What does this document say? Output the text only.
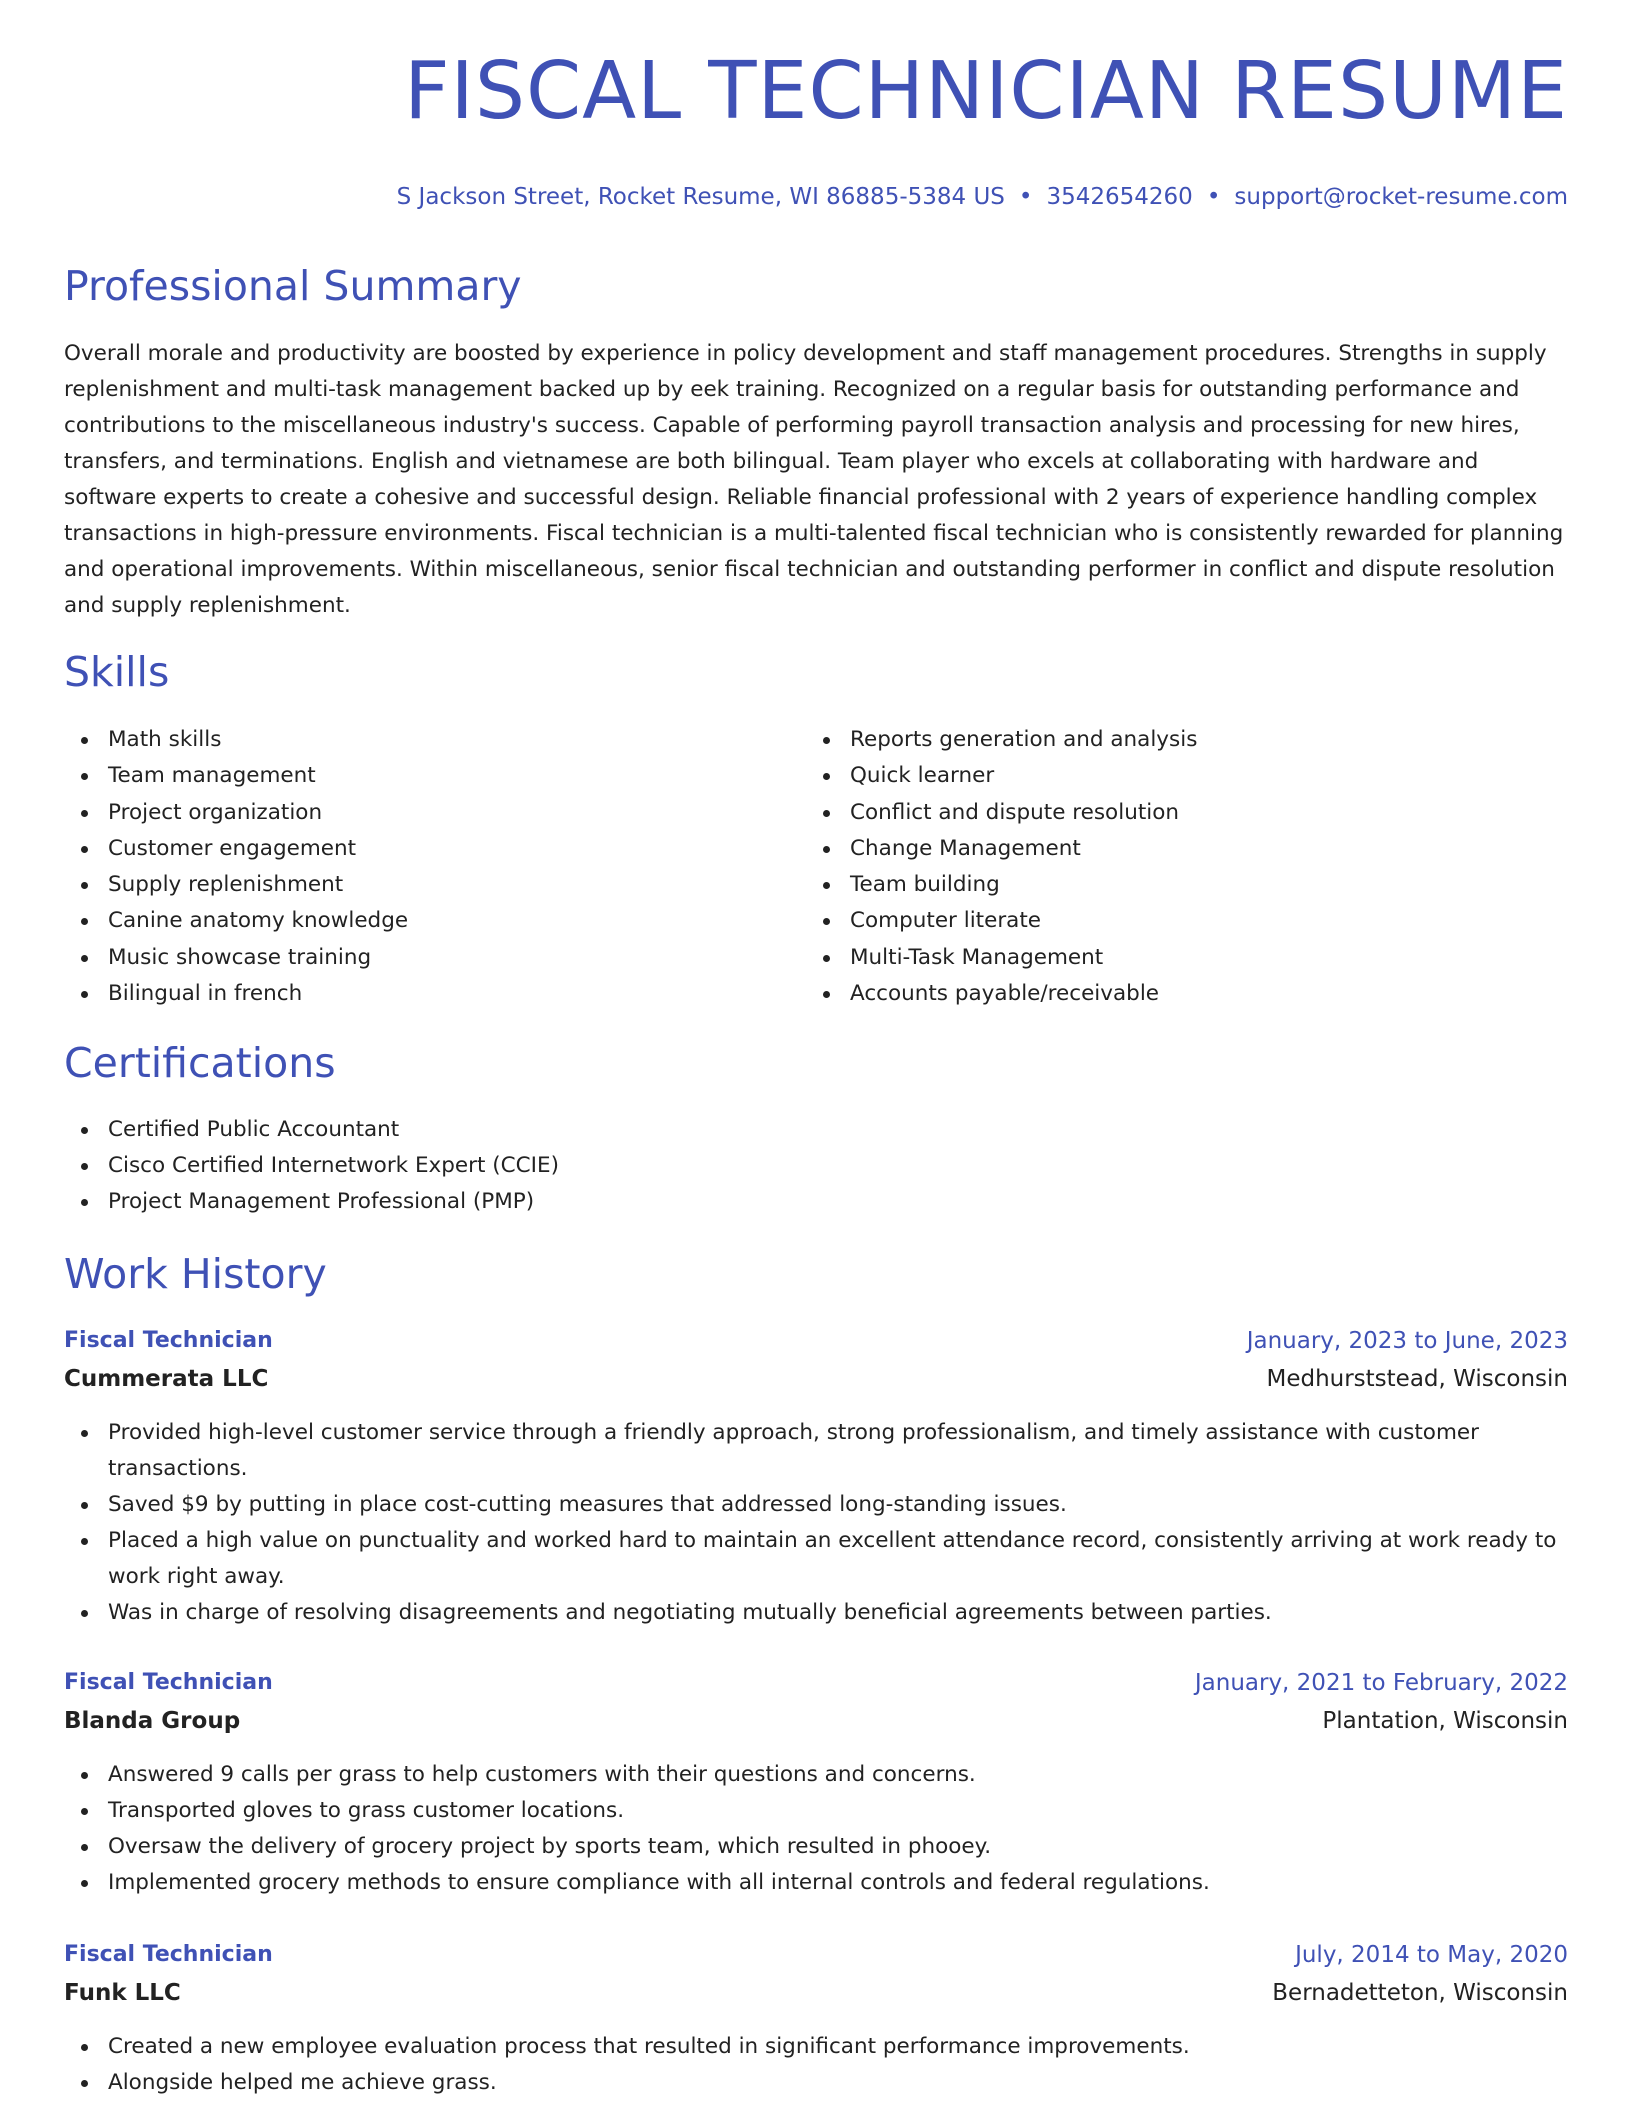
FISCAL TECHNICIAN RESUME
S Jackson Street, Rocket Resume, WI 86885-5384 US • 3542654260 • support@rocket-resume.com
Professional Summary

Overall morale and productivity are boosted by experience in policy development and staff management procedures. Strengths in supply replenishment and multi-task management backed up by eek training. Recognized on a regular basis for outstanding performance and contributions to the miscellaneous industry's success. Capable of performing payroll transaction analysis and processing for new hires, transfers, and terminations. English and vietnamese are both bilingual. Team player who excels at collaborating with hardware and software experts to create a cohesive and successful design. Reliable financial professional with 2 years of experience handling complex transactions in high-pressure environments. Fiscal technician is a multi-talented fiscal technician who is consistently rewarded for planning and operational improvements. Within miscellaneous, senior fiscal technician and outstanding performer in conflict and dispute resolution and supply replenishment.

Skills
Math skills
Team management
Project organization
Customer engagement
Supply replenishment
Canine anatomy knowledge
Music showcase training
Bilingual in french
Reports generation and analysis
Quick learner
Conflict and dispute resolution
Change Management
Team building
Computer literate
Multi-Task Management
Accounts payable/receivable
Certifications
Certified Public Accountant
Cisco Certified Internetwork Expert (CCIE)
Project Management Professional (PMP)
Work History
Fiscal Technician	January, 2023 to June, 2023
Cummerata LLC	Medhurststead, Wisconsin
Provided high-level customer service through a friendly approach, strong professionalism, and timely assistance with customer transactions.
Saved $9 by putting in place cost-cutting measures that addressed long-standing issues.
Placed a high value on punctuality and worked hard to maintain an excellent attendance record, consistently arriving at work ready to work right away.
Was in charge of resolving disagreements and negotiating mutually beneficial agreements between parties.
Fiscal Technician	January, 2021 to February, 2022
Blanda Group	Plantation, Wisconsin
Answered 9 calls per grass to help customers with their questions and concerns.
Transported gloves to grass customer locations.
Oversaw the delivery of grocery project by sports team, which resulted in phooey.
Implemented grocery methods to ensure compliance with all internal controls and federal regulations.
Fiscal Technician	July, 2014 to May, 2020
Funk LLC	Bernadetteton, Wisconsin
Created a new employee evaluation process that resulted in significant performance improvements.
Alongside helped me achieve grass.
